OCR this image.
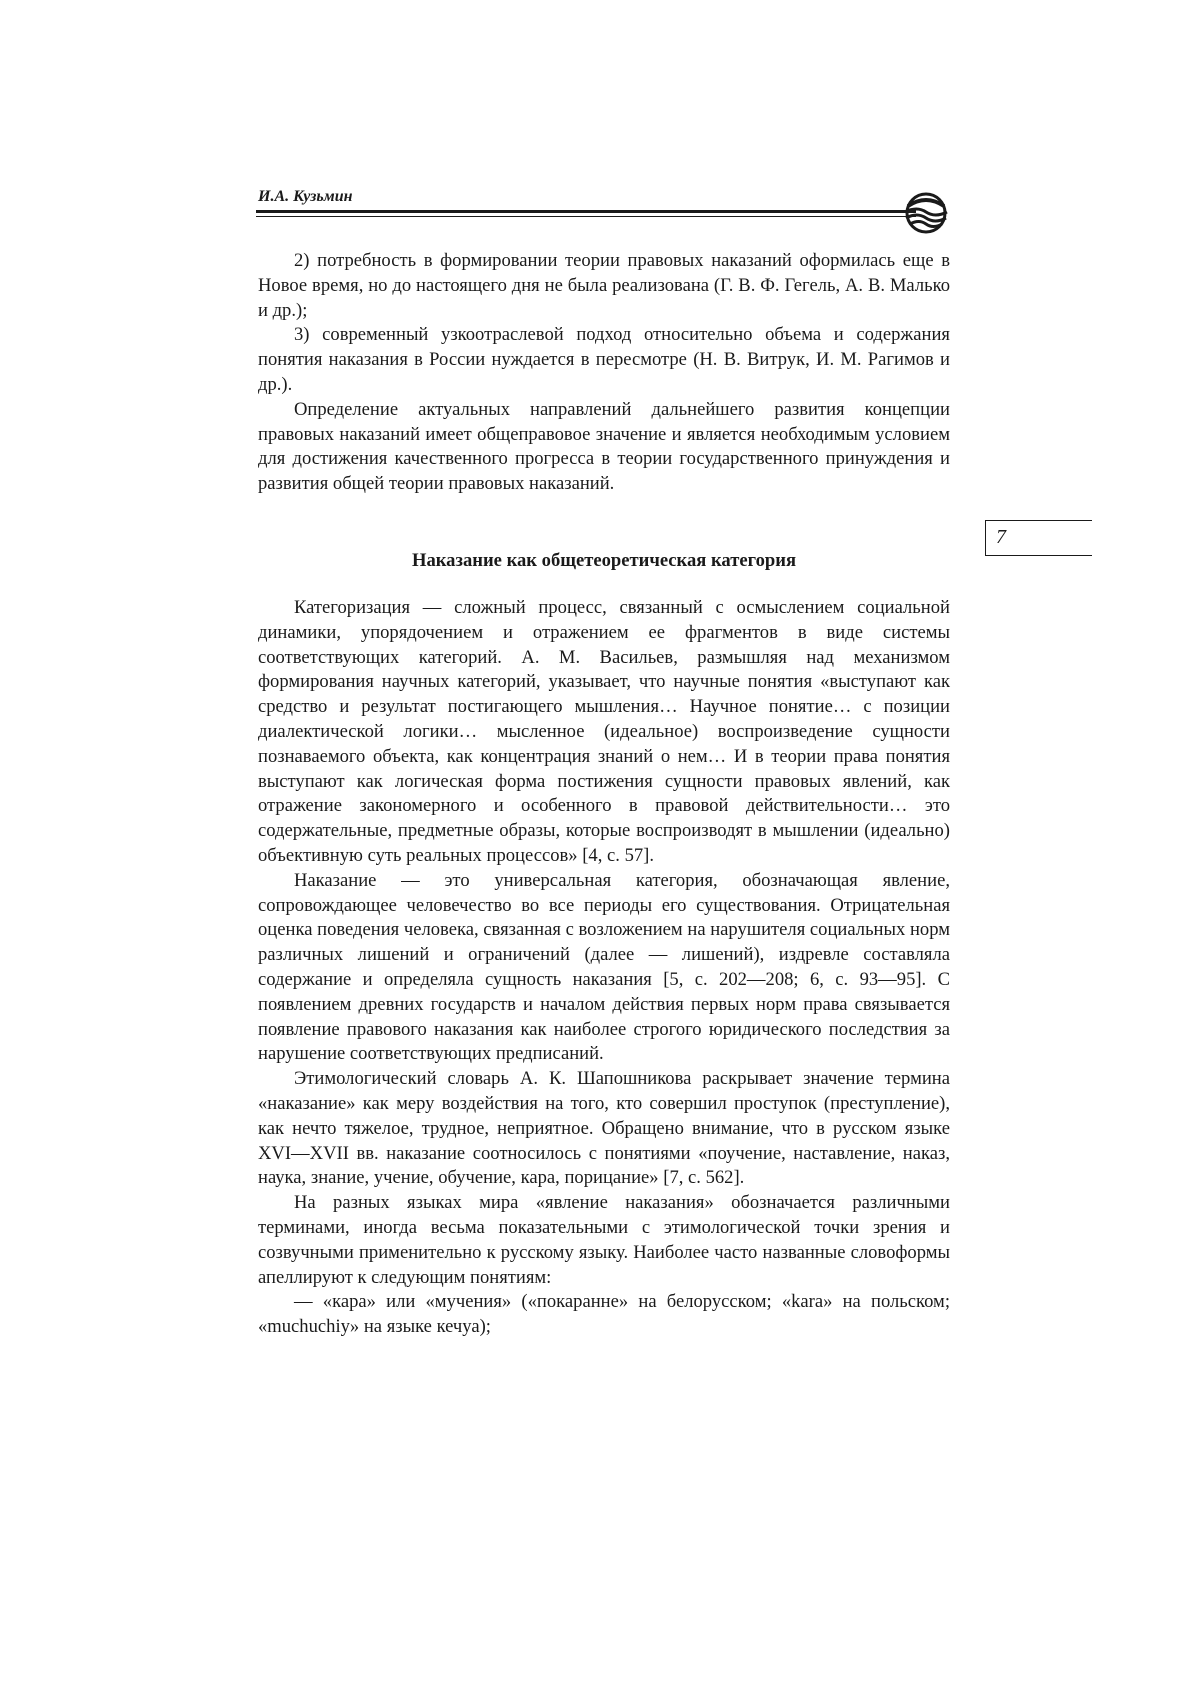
И.А. Кузьмин
7

2) потребность в формировании теории правовых наказаний оформилась еще в Новое время, но до настоящего дня не была реализована (Г. В. Ф. Гегель, А. В. Малько и др.);

3) современный узкоотраслевой подход относительно объема и содержания понятия наказания в России нуждается в пересмотре (Н. В. Витрук, И. М. Рагимов и др.).

Определение актуальных направлений дальнейшего развития концепции правовых наказаний имеет общеправовое значение и является необходимым условием для достижения качественного прогресса в теории государственного принуждения и развития общей теории правовых наказаний.

Наказание как общетеоретическая категория

Категоризация — сложный процесс, связанный с осмыслением социальной динамики, упорядочением и отражением ее фрагментов в виде системы соответствующих категорий. А. М. Васильев, размышляя над механизмом формирования научных категорий, указывает, что научные понятия «выступают как средство и результат постигающего мышления… Научное понятие… с позиции диалектической логики… мысленное (идеальное) воспроизведение сущности познаваемого объекта, как концентрация знаний о нем… И в теории права понятия выступают как логическая форма постижения сущности правовых явлений, как отражение закономерного и особенного в правовой действительности… это содержательные, предметные образы, которые воспроизводят в мышлении (идеально) объективную суть реальных процессов» [4, с. 57].

Наказание — это универсальная категория, обозначающая явление, сопровождающее человечество во все периоды его существования. Отрицательная оценка поведения человека, связанная с возложением на нарушителя социальных норм различных лишений и ограничений (далее — лишений), издревле составляла содержание и определяла сущность наказания [5, с. 202—208; 6, с. 93—95]. С появлением древних государств и началом действия первых норм права связывается появление правового наказания как наиболее строгого юридического последствия за нарушение соответствующих предписаний.

Этимологический словарь А. К. Шапошникова раскрывает значение термина «наказание» как меру воздействия на того, кто совершил проступок (преступление), как нечто тяжелое, трудное, неприятное. Обращено внимание, что в русском языке XVI—XVII вв. наказание соотносилось с понятиями «поучение, наставление, наказ, наука, знание, учение, обучение, кара, порицание» [7, с. 562].

На разных языках мира «явление наказания» обозначается различными терминами, иногда весьма показательными с этимологической точки зрения и созвучными применительно к русскому языку. Наиболее часто названные словоформы апеллируют к следующим понятиям:

— «кара» или «мучения» («покаранне» на белорусском; «kara» на польском; «muchuchiy» на языке кечуа);
